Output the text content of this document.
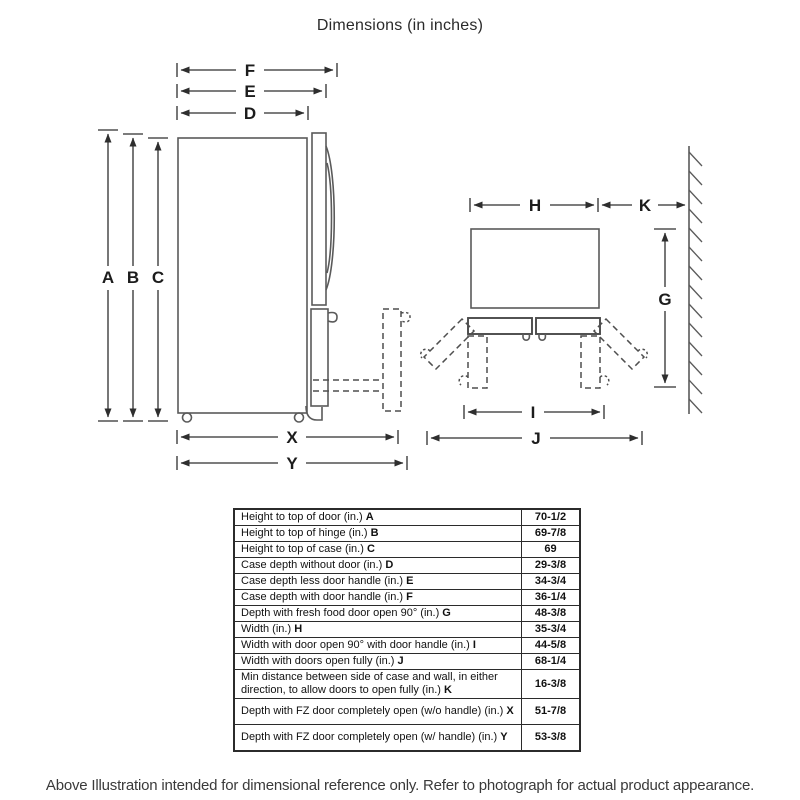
Dimensions (in inches)
F
E
D
A B C
X
Y
H	K
G
I
J
Height to top of door (in.) A	70-1/2
Height to top of hinge (in.) B	69-7/8
Height to top of case (in.) C	69
Case depth without door (in.) D	29-3/8
Case depth less door handle (in.) E	34-3/4
Case depth with door handle (in.) F	36-1/4
Depth with fresh food door open 90° (in.) G	48-3/8
Width (in.) H	35-3/4
Width with door open 90° with door handle (in.) I	44-5/8
Width with doors open fully (in.) J	68-1/4
Min distance between side of case and wall, in either direction, to allow doors to open fully (in.) K	16-3/8
Depth with FZ door completely open (w/o handle) (in.) X	51-7/8
Depth with FZ door completely open (w/ handle) (in.) Y	53-3/8
Above Illustration intended for dimensional reference only. Refer to photograph for actual product appearance.
